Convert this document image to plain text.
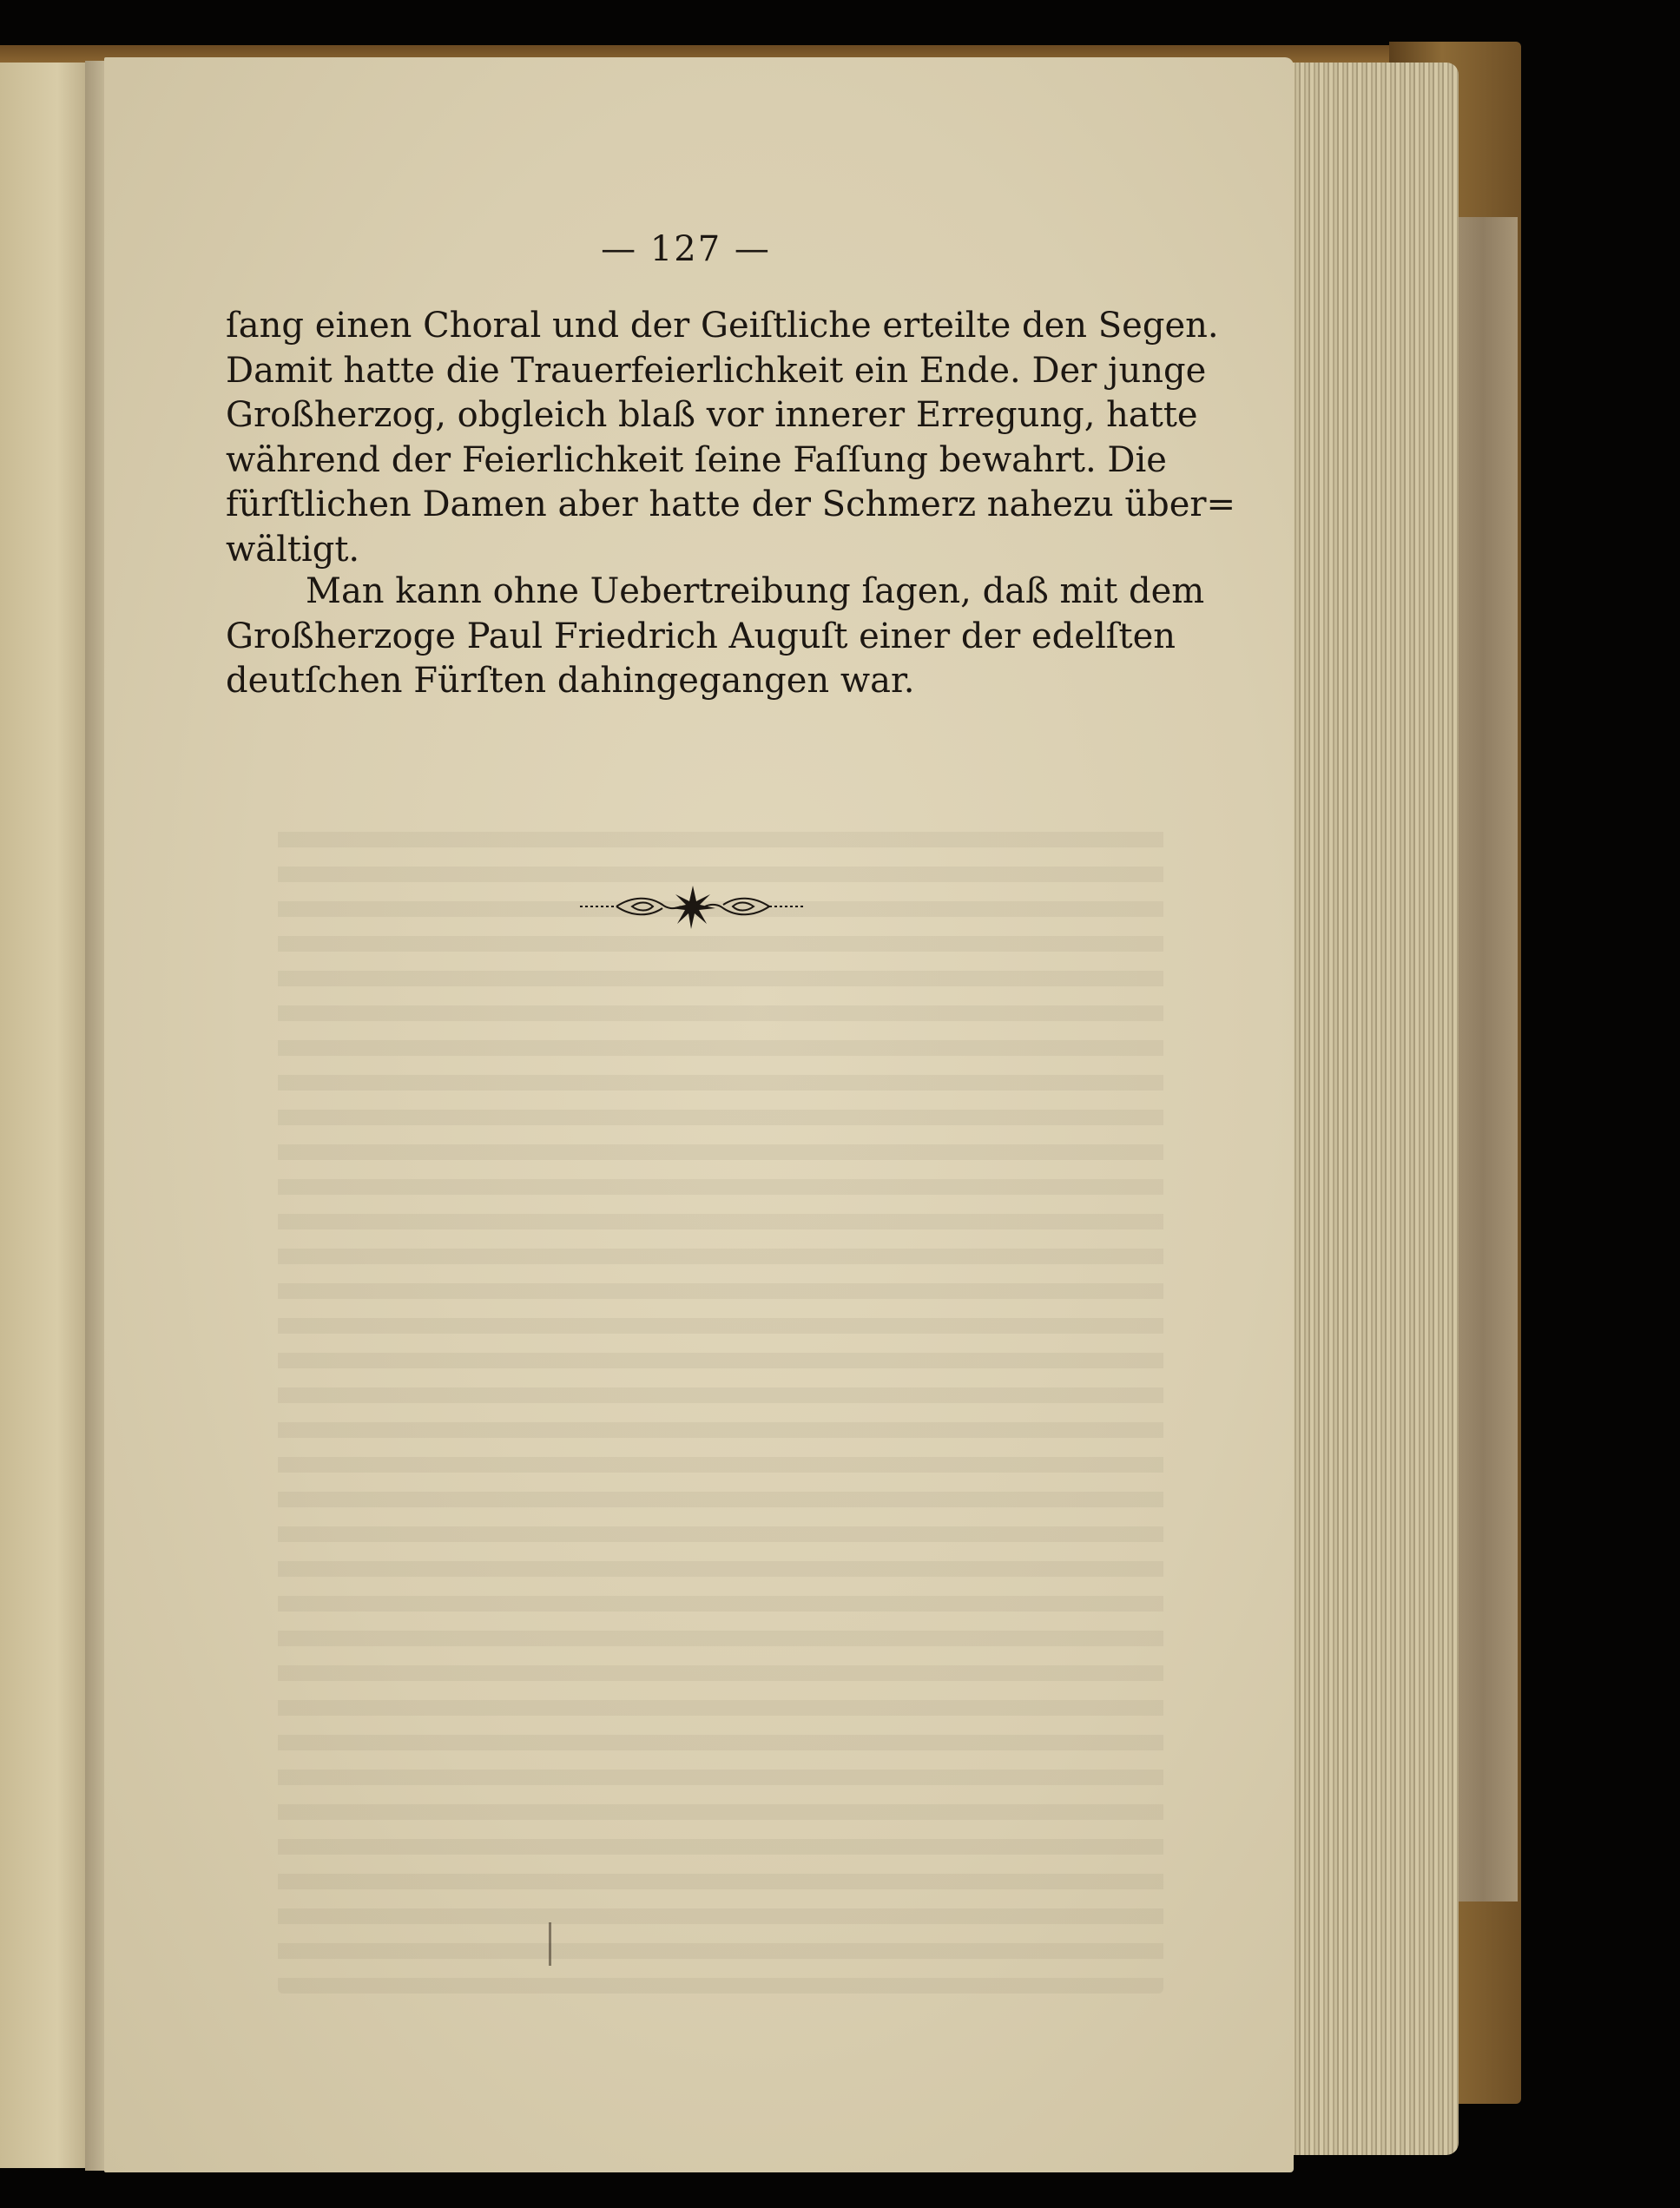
— 127 —
ſang einen Choral und der Geiſtliche erteilte den Segen.
Damit hatte die Trauerfeierlichkeit ein Ende. Der junge
Großherzog, obgleich blaß vor innerer Erregung, hatte
während der Feierlichkeit ſeine Faſſung bewahrt. Die
fürſtlichen Damen aber hatte der Schmerz nahezu über=
wältigt.
Man kann ohne Uebertreibung ſagen, daß mit dem
Großherzoge Paul Friedrich Auguſt einer der edelſten
deutſchen Fürſten dahingegangen war.
